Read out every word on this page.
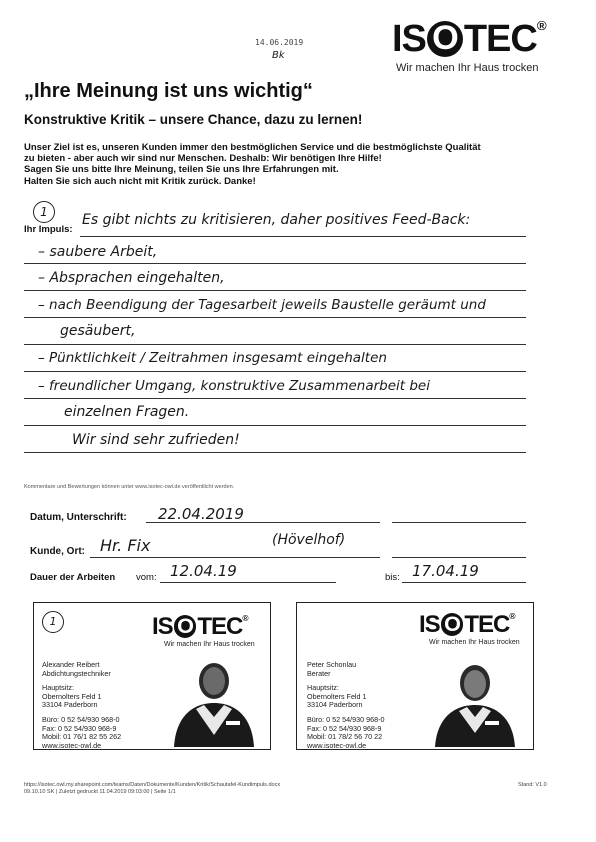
14.06.2019
Bk	IS O TEC®
Wir machen Ihr Haus trocken
„Ihre Meinung ist uns wichtig“
Konstruktive Kritik – unsere Chance, dazu zu lernen!
Unser Ziel ist es, unseren Kunden immer den bestmöglichen Service und die bestmöglichste Qualität
zu bieten - aber auch wir sind nur Menschen. Deshalb: Wir benötigen Ihre Hilfe!
Sagen Sie uns bitte Ihre Meinung, teilen Sie uns Ihre Erfahrungen mit.
Halten Sie sich auch nicht mit Kritik zurück. Danke!
1
Ihr Impuls:
Es gibt nichts zu kritisieren, daher positives Feed-Back:
– saubere Arbeit,
– Absprachen eingehalten,
– nach Beendigung der Tagesarbeit jeweils Baustelle geräumt und
gesäubert,
– Pünktlichkeit / Zeitrahmen insgesamt eingehalten
– freundlicher Umgang, konstruktive Zusammenarbeit bei
einzelnen Fragen.
Wir sind sehr zufrieden!
Kommentare und Bewertungen können unter www.isotec-owl.de veröffentlicht werden.
Datum, Unterschrift: 22.04.2019
Kunde, Ort: Hr. Fix	(Hövelhof)
Dauer der Arbeiten vom: 12.04.19	bis: 17.04.19
1	IS O TEC®
Wir machen Ihr Haus trocken
Alexander Reibert
Abdichtungstechniker
Hauptsitz:
Obernolters Feld 1
33104 Paderborn
Büro: 0 52 54/930 968-0
Fax: 0 52 54/930 968-9
Mobil: 01 76/1 82 55 262
www.isotec-owl.de
IS O TEC®
Wir machen Ihr Haus trocken
Peter Schonlau
Berater
Hauptsitz:
Obernolters Feld 1
33104 Paderborn
Büro: 0 52 54/930 968-0
Fax: 0 52 54/930 968-9
Mobil: 01 78/2 56 70 22
www.isotec-owl.de
https://isotec.owl.my.sharepoint.com/teams/Daten/Dokumente/Kunden/Kritik/Schautafel-Kundimpuls.docx
09.10.10 SK | Zuletzt gedruckt 11.04.2019 09:03:00 | Seite 1/1
Stand: V1.0
